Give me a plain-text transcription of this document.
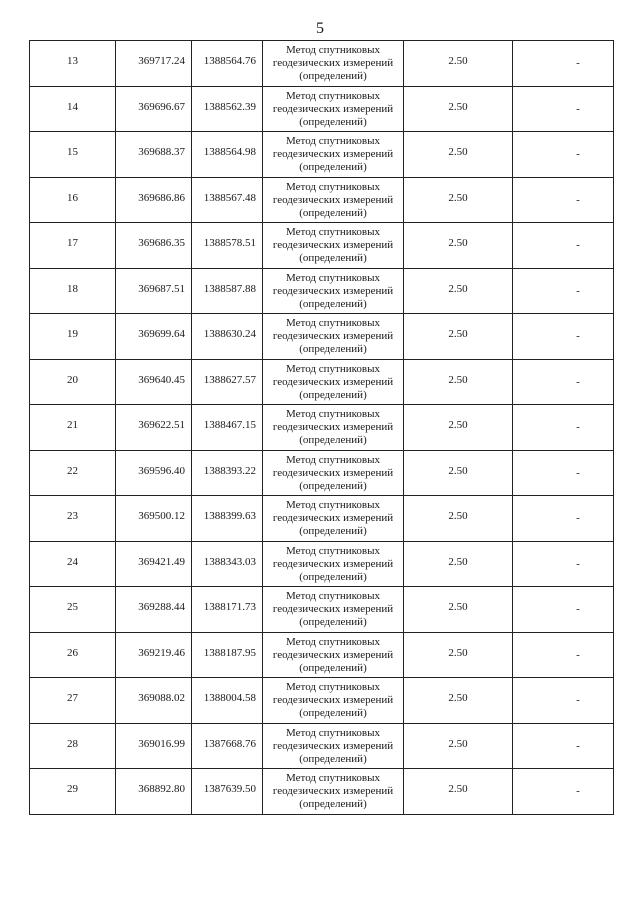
5
13	369717.24	1388564.76	Метод спутниковых
геодезических измерений
(определений)	2.50	-
14	369696.67	1388562.39	Метод спутниковых
геодезических измерений
(определений)	2.50	-
15	369688.37	1388564.98	Метод спутниковых
геодезических измерений
(определений)	2.50	-
16	369686.86	1388567.48	Метод спутниковых
геодезических измерений
(определений)	2.50	-
17	369686.35	1388578.51	Метод спутниковых
геодезических измерений
(определений)	2.50	-
18	369687.51	1388587.88	Метод спутниковых
геодезических измерений
(определений)	2.50	-
19	369699.64	1388630.24	Метод спутниковых
геодезических измерений
(определений)	2.50	-
20	369640.45	1388627.57	Метод спутниковых
геодезических измерений
(определений)	2.50	-
21	369622.51	1388467.15	Метод спутниковых
геодезических измерений
(определений)	2.50	-
22	369596.40	1388393.22	Метод спутниковых
геодезических измерений
(определений)	2.50	-
23	369500.12	1388399.63	Метод спутниковых
геодезических измерений
(определений)	2.50	-
24	369421.49	1388343.03	Метод спутниковых
геодезических измерений
(определений)	2.50	-
25	369288.44	1388171.73	Метод спутниковых
геодезических измерений
(определений)	2.50	-
26	369219.46	1388187.95	Метод спутниковых
геодезических измерений
(определений)	2.50	-
27	369088.02	1388004.58	Метод спутниковых
геодезических измерений
(определений)	2.50	-
28	369016.99	1387668.76	Метод спутниковых
геодезических измерений
(определений)	2.50	-
29	368892.80	1387639.50	Метод спутниковых
геодезических измерений
(определений)	2.50	-
